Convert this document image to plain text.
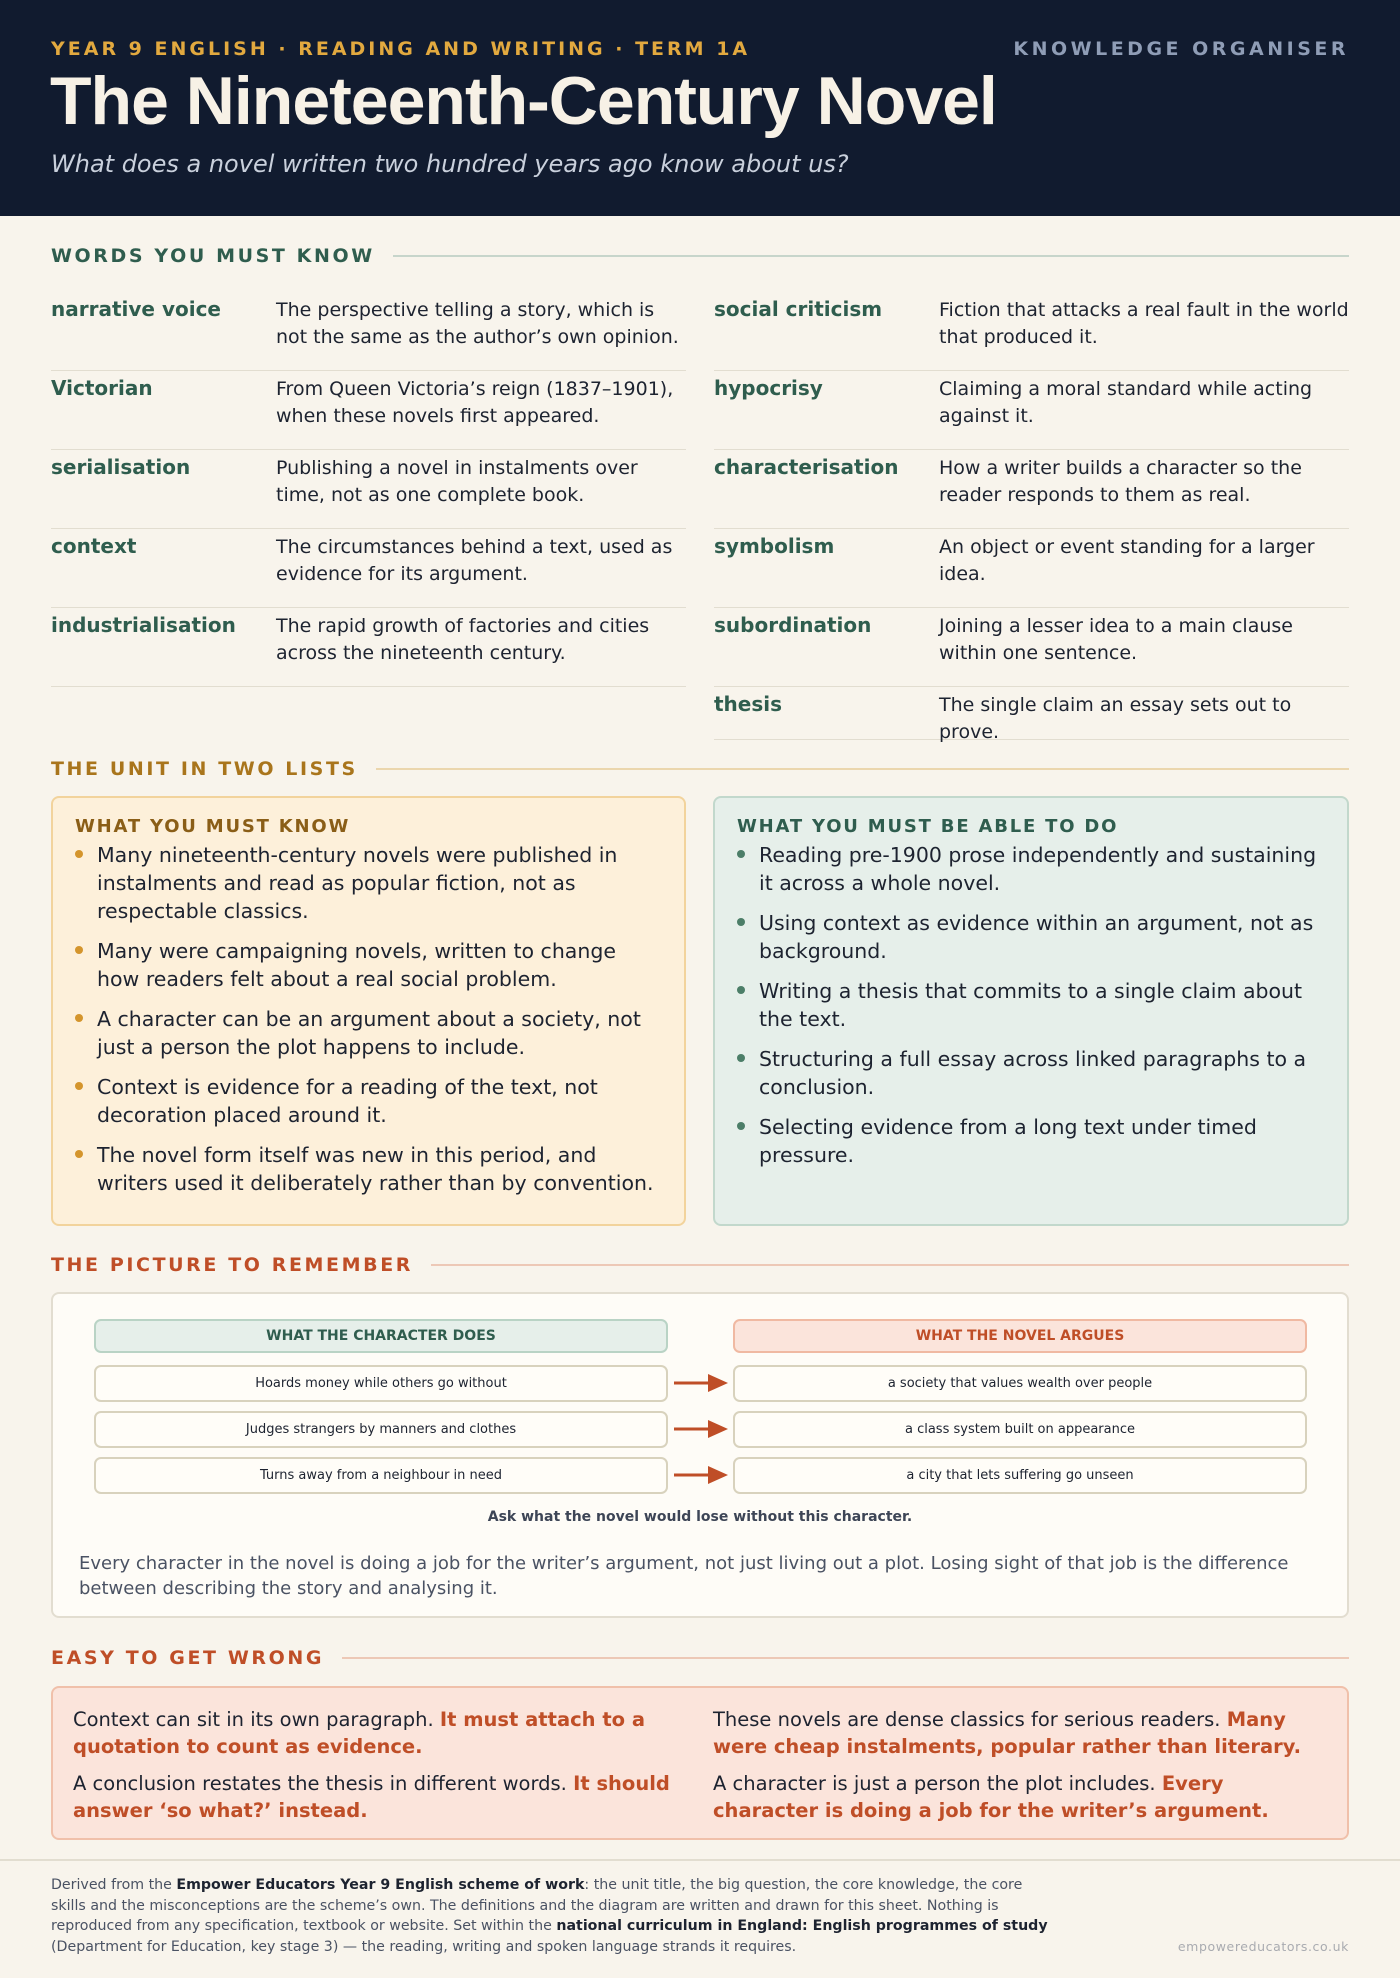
YEAR 9 ENGLISH · READING AND WRITING · TERM 1A	KNOWLEDGE ORGANISER
The Nineteenth-Century Novel
What does a novel written two hundred years ago know about us?
WORDS YOU MUST KNOW
narrative voice	The perspective telling a story, which is not the same as the author’s own opinion.
Victorian	From Queen Victoria’s reign (1837–1901), when these novels first appeared.
serialisation	Publishing a novel in instalments over time, not as one complete book.
context	The circumstances behind a text, used as evidence for its argument.
industrialisation	The rapid growth of factories and cities across the nineteenth century.
social criticism	Fiction that attacks a real fault in the world that produced it.
hypocrisy	Claiming a moral standard while acting against it.
characterisation	How a writer builds a character so the reader responds to them as real.
symbolism	An object or event standing for a larger idea.
subordination	Joining a lesser idea to a main clause within one sentence.
thesis	The single claim an essay sets out to prove.
THE UNIT IN TWO LISTS
WHAT YOU MUST KNOW
Many nineteenth-century novels were published in instalments and read as popular fiction, not as respectable classics.
Many were campaigning novels, written to change how readers felt about a real social problem.
A character can be an argument about a society, not just a person the plot happens to include.
Context is evidence for a reading of the text, not decoration placed around it.
The novel form itself was new in this period, and writers used it deliberately rather than by convention.
WHAT YOU MUST BE ABLE TO DO
Reading pre-1900 prose independently and sustaining it across a whole novel.
Using context as evidence within an argument, not as background.
Writing a thesis that commits to a single claim about the text.
Structuring a full essay across linked paragraphs to a conclusion.
Selecting evidence from a long text under timed pressure.
THE PICTURE TO REMEMBER
WHAT THE CHARACTER DOES	WHAT THE NOVEL ARGUES
Hoards money while others go without	a society that values wealth over people
Judges strangers by manners and clothes	a class system built on appearance
Turns away from a neighbour in need	a city that lets suffering go unseen
Ask what the novel would lose without this character.

Every character in the novel is doing a job for the writer’s argument, not just living out a plot. Losing sight of that job is the difference between describing the story and analysing it.

EASY TO GET WRONG

Context can sit in its own paragraph. It must attach to a quotation to count as evidence.

A conclusion restates the thesis in different words. It should answer ‘so what?’ instead.

These novels are dense classics for serious readers. Many were cheap instalments, popular rather than literary.

A character is just a person the plot includes. Every character is doing a job for the writer’s argument.

Derived from the Empower Educators Year 9 English scheme of work: the unit title, the big question, the core knowledge, the core skills and the misconceptions are the scheme’s own. The definitions and the diagram are written and drawn for this sheet. Nothing is reproduced from any specification, textbook or website. Set within the national curriculum in England: English programmes of study (Department for Education, key stage 3) — the reading, writing and spoken language strands it requires.	empowereducators.co.uk
